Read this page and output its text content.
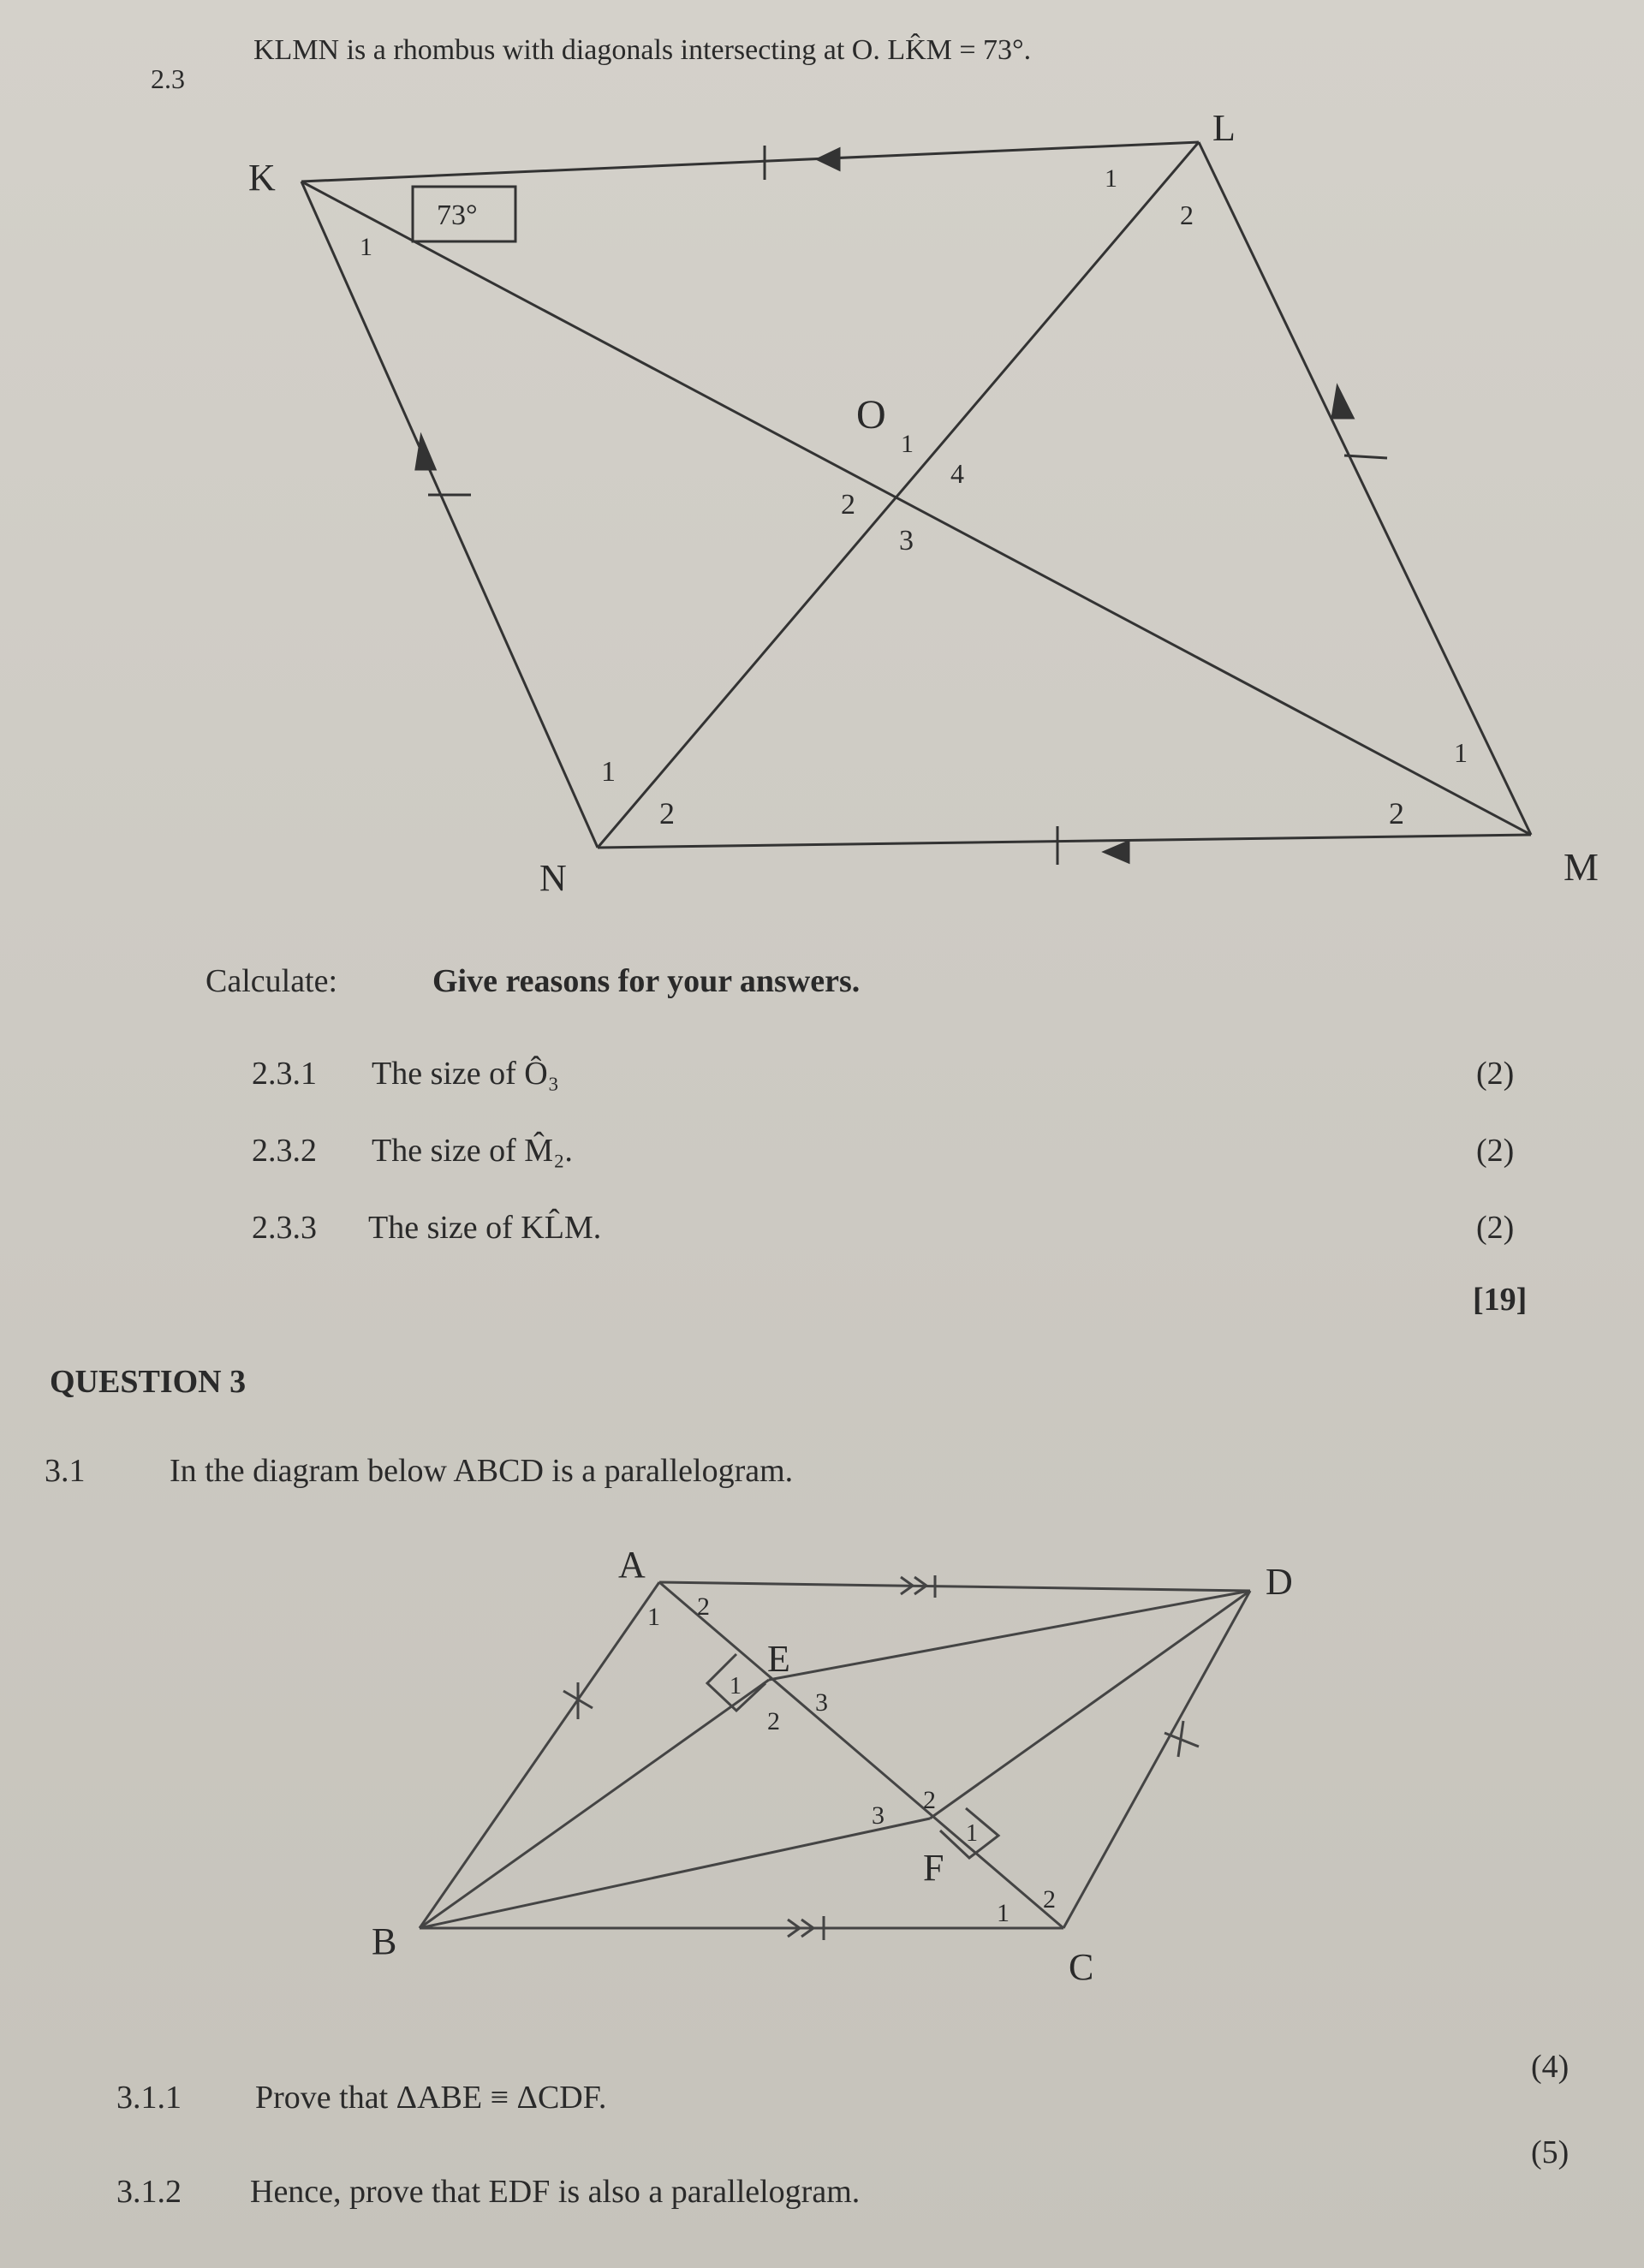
2.3
KLMN is a rhombus with diagonals intersecting at O. LK̂M = 73°.
73°
K
L
M
N
O
1
1
2
1
2
3
4
1
2
1
2
Calculate:	Give reasons for your answers.
2.3.1 The size of Ô₃	(2)
2.3.2 The size of M̂₂.	(2)
2.3.3 The size of KL̂M.	(2)
[19]
QUESTION 3
3.1	In the diagram below ABCD is a parallelogram.
A	D
B
C
E
F
1 2
1
2
3
1
2
3
1 2
(4)
3.1.1 Prove that ΔABE ≡ ΔCDF.
(5)
3.1.2 Hence, prove that EDF is also a parallelogram.
